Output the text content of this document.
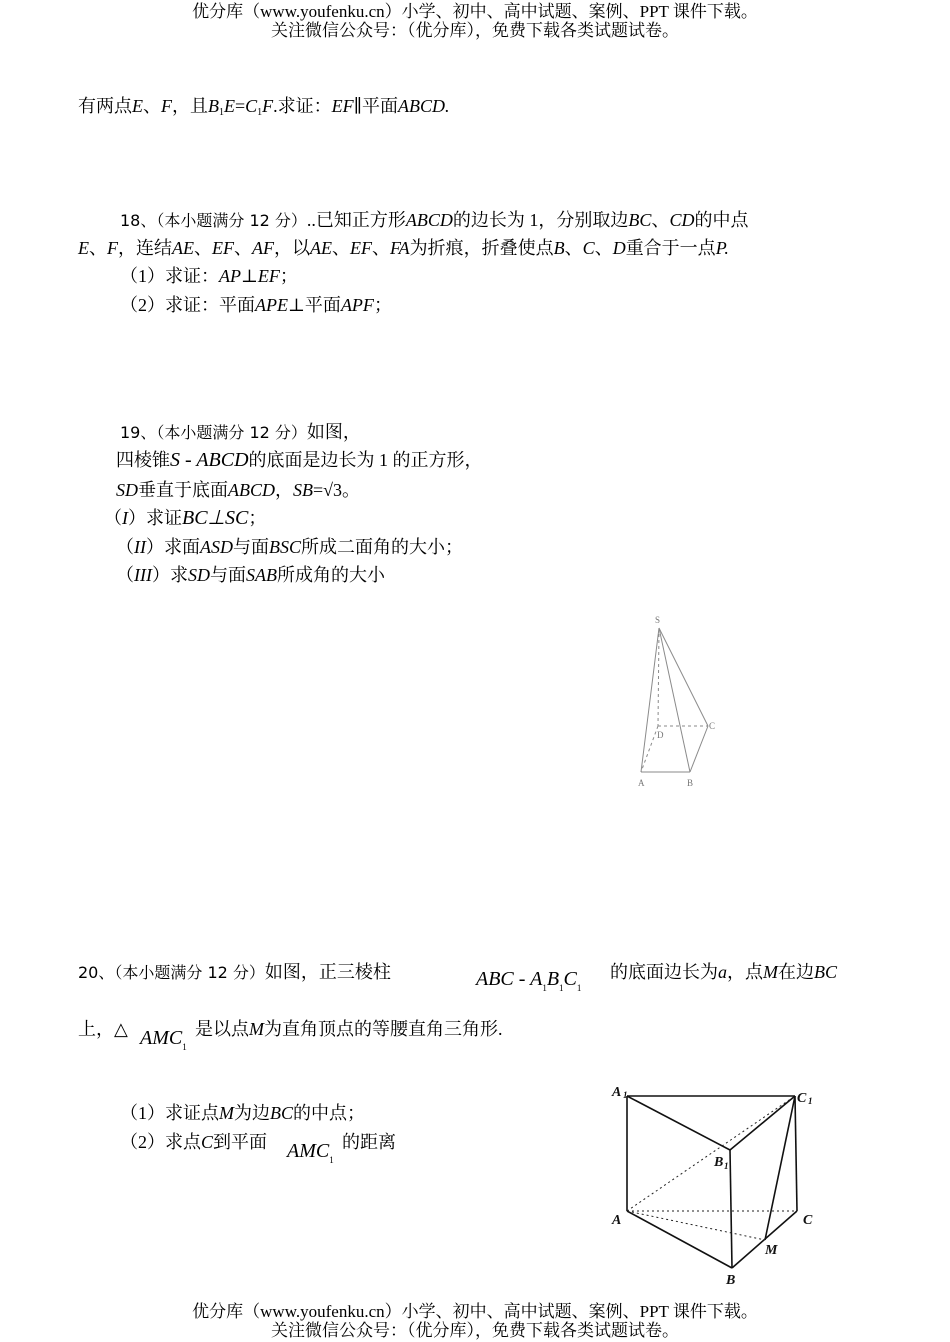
优分库（www.youfenku.cn）小学、初中、高中试题、案例、PPT 课件下载。
关注微信公众号：（优分库），免费下载各类试题试卷。
有两点E、F，且$B_1E=C_1F$.求证：EF∥平面ABCD.
18、（本小题满分 12 分）..已知正方形ABCD的边长为 1，分别取边BC、CD的中点
E、F，连结AE、EF、AF，以AE、EF、FA为折痕，折叠使点B、C、D重合于一点P.
（1）求证：AP⊥EF；
（2）求证：平面APE⊥平面APF；
19、（本小题满分 12 分）如图，
四棱锥S - ABCD的底面是边长为 1 的正方形，
SD垂直于底面ABCD，SB=√3。
（I）求证BC⊥SC；
（II）求面ASD与面BSC所成二面角的大小；
（III）求SD与面SAB所成角的大小
S
D
C
A	B
20、（本小题满分 12 分）如图，正三棱柱	ABC - $A_1B_1C_1$
的底面边长为a，点M在边BC
上，△ $AMC_1$
是以点M为直角顶点的等腰直角三角形.
（1）求证点M为边BC的中点；
（2）求点C到平面 $AMC_1$
的距离
A 1	C 1
B 1
A	C
M
B
优分库（www.youfenku.cn）小学、初中、高中试题、案例、PPT 课件下载。
关注微信公众号：（优分库），免费下载各类试题试卷。
